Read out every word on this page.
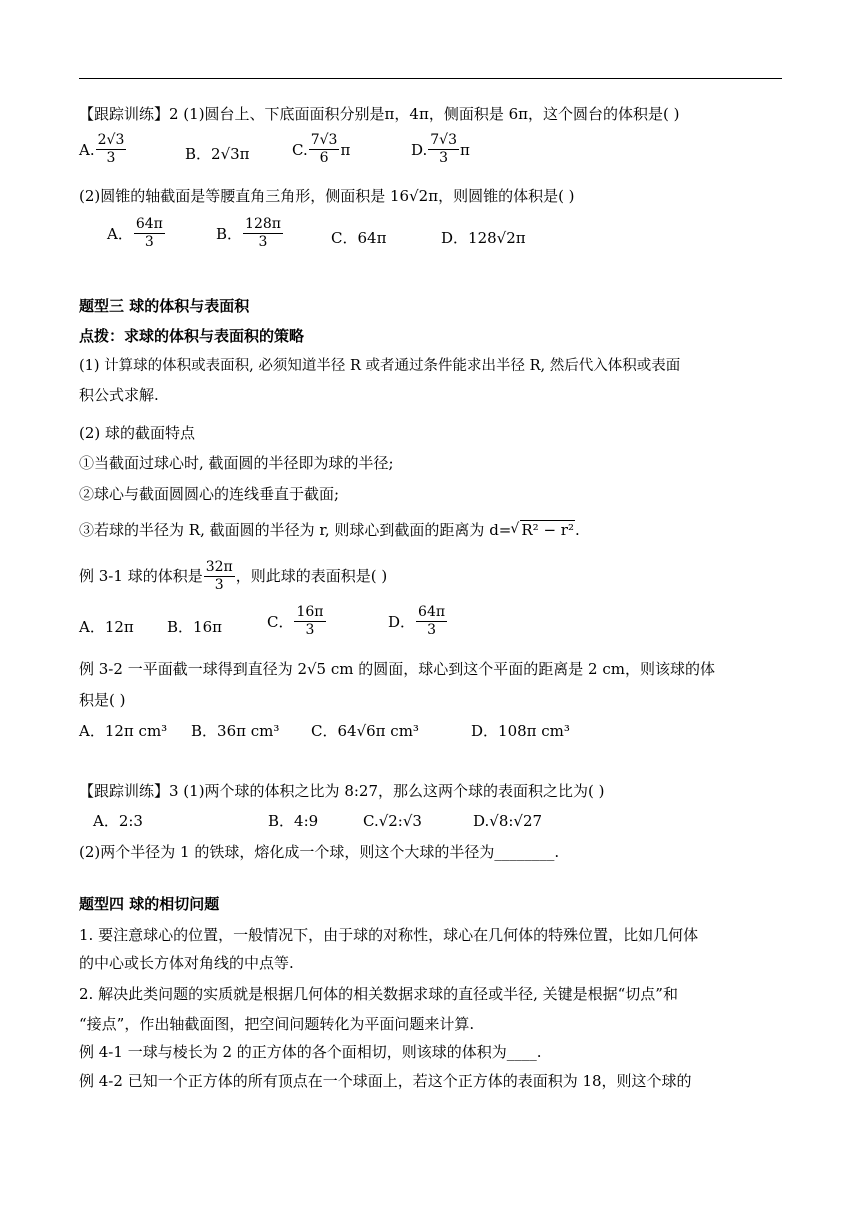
【跟踪训练】2 (1)圆台上、下底面面积分别是π，4π，侧面积是 6π，这个圆台的体积是( )
A. $\frac{2√3}{3}$	B．2√3π	C. $\frac{7√3}{6}$ π	D. $\frac{7√3}{3}$ π
(2)圆锥的轴截面是等腰直角三角形，侧面积是 16√2π，则圆锥的体积是( )
A． $\frac{64\pi}{3}$	B． $\frac{128\pi}{3}$	C．64π	D．128√2π
题型三 球的体积与表面积
点拨：求球的体积与表面积的策略
(1) 计算球的体积或表面积, 必须知道半径 R 或者通过条件能求出半径 R, 然后代入体积或表面
积公式求解.
(2) 球的截面特点
①当截面过球心时, 截面圆的半径即为球的半径;
②球心与截面圆圆心的连线垂直于截面;
③若球的半径为 R, 截面圆的半径为 r, 则球心到截面的距离为 d=√ R² − r².
例 3-1 球的体积是 $\frac{32\pi}{3}$ ，则此球的表面积是( )
A．12π B．16π	C． $\frac{16\pi}{3}$	D． $\frac{64\pi}{3}$
例 3-2 一平面截一球得到直径为 2√5 cm 的圆面，球心到这个平面的距离是 2 cm，则该球的体
积是( )
A．12π cm³ B．36π cm³ C．64√6π cm³	D．108π cm³
【跟踪训练】3 (1)两个球的体积之比为 8:27，那么这两个球的表面积之比为( )
A．2:3	B．4:9	C.√2:√3	D.√8:√27
(2)两个半径为 1 的铁球，熔化成一个球，则这个大球的半径为________.
题型四 球的相切问题
1. 要注意球心的位置，一般情况下，由于球的对称性，球心在几何体的特殊位置，比如几何体
的中心或长方体对角线的中点等.
2. 解决此类问题的实质就是根据几何体的相关数据求球的直径或半径, 关键是根据“切点”和
“接点”，作出轴截面图，把空间问题转化为平面问题来计算.
例 4-1 一球与棱长为 2 的正方体的各个面相切，则该球的体积为____.
例 4-2 已知一个正方体的所有顶点在一个球面上，若这个正方体的表面积为 18，则这个球的
